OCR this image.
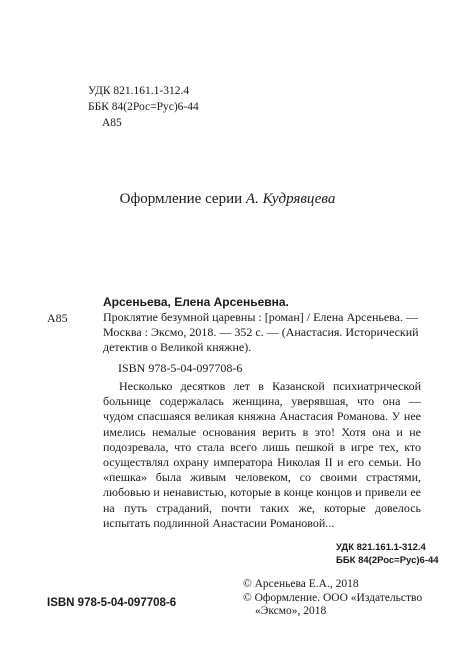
УДК 821.161.1-312.4
ББК 84(2Рос=Рус)6-44
А85
Оформление серии А. Кудрявцева
А85
Арсеньева, Елена Арсеньевна.
Проклятие безумной царевны : [роман] / Елена Арсеньева. — Москва : Эксмо, 2018. — 352 с. — (Анастасия. Исторический детектив о Великой княжне).
ISBN 978-5-04-097708-6
Несколько десятков лет в Казанской психиатрической больнице содержалась женщина, уверявшая, что она — чудом спасшаяся великая княжна Анастасия Романова. У нее имелись немалые основания верить в это! Хотя она и не подозревала, что стала всего лишь пешкой в игре тех, кто осуществлял охрану императора Николая II и его семьи. Но «пешка» была живым человеком, со своими страстями, любовью и ненавистью, которые в конце концов и привели ее на путь страданий, почти таких же, которые довелось испытать подлинной Анастасии Романовой...
УДК 821.161.1-312.4
ББК 84(2Рос=Рус)6-44
© Арсеньева Е.А., 2018
© Оформление. ООО «Издательство
«Эксмо», 2018
ISBN 978-5-04-097708-6
